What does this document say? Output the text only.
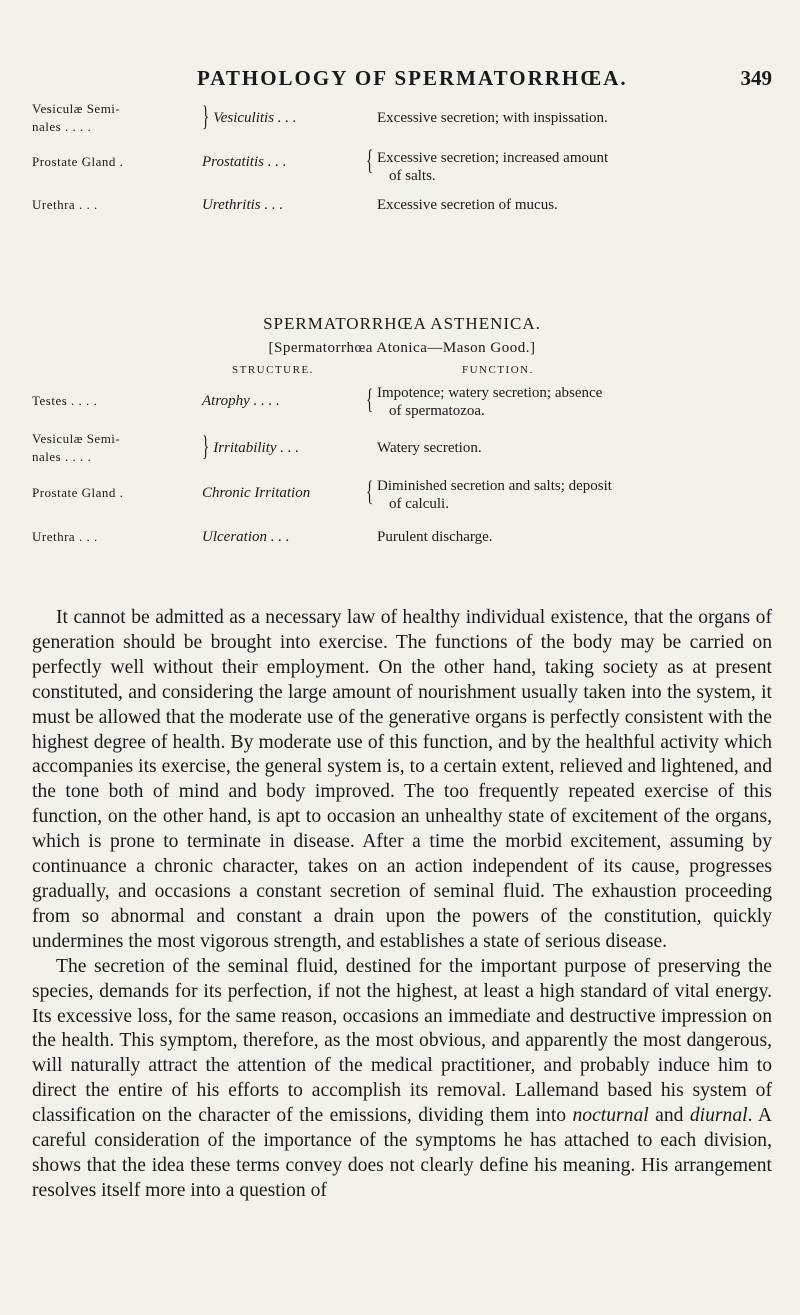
PATHOLOGY OF SPERMATORRHŒA.	349
Vesiculæ Semi-
nales . . . .	} Vesiculitis . . .	Excessive secretion; with inspissation.
Prostate Gland .	Prostatitis . . .	{ Excessive secretion; increased amount
of salts.
Urethra . . .	Urethritis . . .	Excessive secretion of mucus.
SPERMATORRHŒA ASTHENICA.
[Spermatorrhœa Atonica—Mason Good.]
STRUCTURE.	FUNCTION.
Testes . . . .	Atrophy . . . .	{ Impotence; watery secretion; absence
of spermatozoa.
Vesiculæ Semi-
nales . . . .	} Irritability . . .	Watery secretion.
Prostate Gland .	Chronic Irritation	{ Diminished secretion and salts; deposit
of calculi.
Urethra . . .	Ulceration . . .	Purulent discharge.

It cannot be admitted as a necessary law of healthy individual existence, that the organs of generation should be brought into exercise. The functions of the body may be carried on perfectly well without their employment. On the other hand, taking society as at present constituted, and considering the large amount of nourishment usually taken into the system, it must be allowed that the moderate use of the generative organs is perfectly consistent with the highest degree of health. By moderate use of this function, and by the healthful activity which accompanies its exercise, the general system is, to a certain extent, relieved and lightened, and the tone both of mind and body improved. The too frequently repeated exercise of this function, on the other hand, is apt to occasion an unhealthy state of excitement of the organs, which is prone to terminate in disease. After a time the morbid excitement, assuming by continuance a chronic character, takes on an action independent of its cause, progresses gradually, and occasions a constant secretion of seminal fluid. The exhaustion proceeding from so abnormal and constant a drain upon the powers of the constitution, quickly undermines the most vigorous strength, and establishes a state of serious disease.

The secretion of the seminal fluid, destined for the important purpose of preserving the species, demands for its perfection, if not the highest, at least a high standard of vital energy. Its excessive loss, for the same reason, occasions an immediate and destructive impression on the health. This symptom, therefore, as the most obvious, and apparently the most dangerous, will naturally attract the attention of the medical practitioner, and probably induce him to direct the entire of his efforts to accomplish its removal. Lallemand based his system of classification on the character of the emissions, dividing them into nocturnal and diurnal. A careful consideration of the importance of the symptoms he has attached to each division, shows that the idea these terms convey does not clearly define his meaning. His arrangement resolves itself more into a question of
